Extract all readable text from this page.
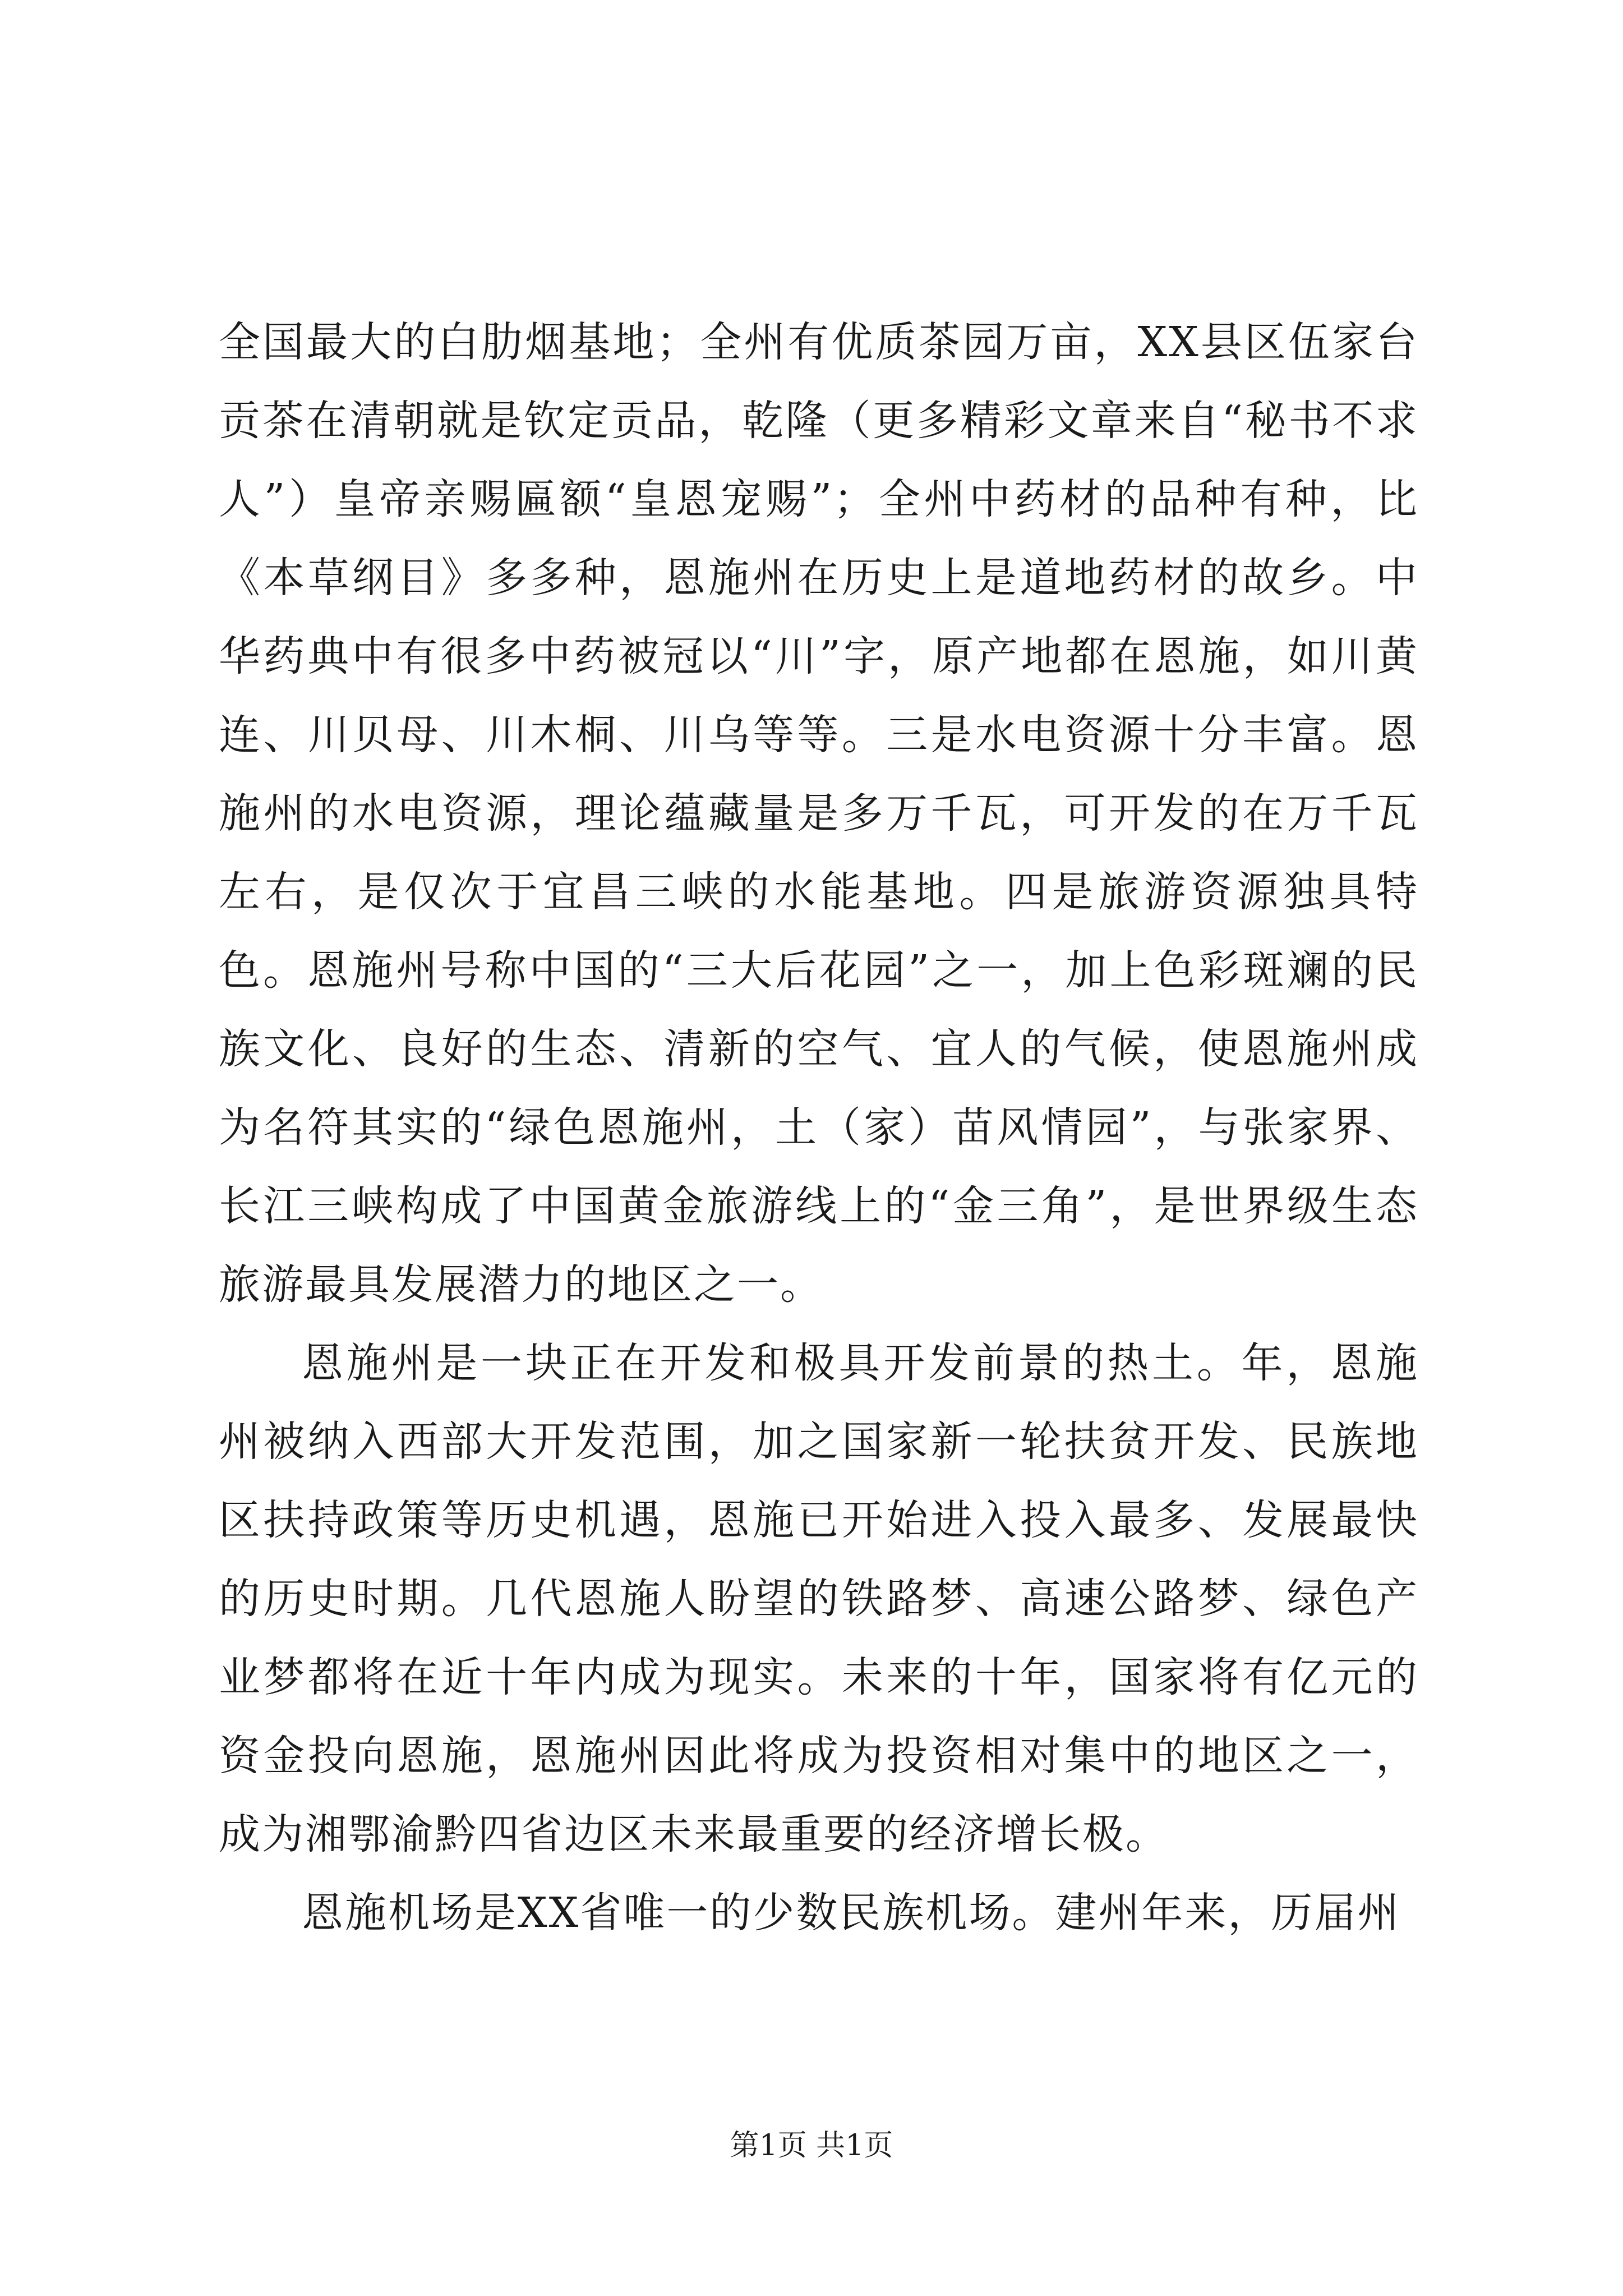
全国最大的白肋烟基地；全州有优质茶园万亩，XX县区伍家台贡茶在清朝就是钦定贡品，乾隆（更多精彩文章来自“秘书不求人”）皇帝亲赐匾额“皇恩宠赐”；全州中药材的品种有种，比《本草纲目》多多种，恩施州在历史上是道地药材的故乡。中华药典中有很多中药被冠以“川”字，原产地都在恩施，如川黄连、川贝母、川木桐、川乌等等。三是水电资源十分丰富。恩施州的水电资源，理论蕴藏量是多万千瓦，可开发的在万千瓦左右，是仅次于宜昌三峡的水能基地。四是旅游资源独具特色。恩施州号称中国的“三大后花园”之一，加上色彩斑斓的民族文化、良好的生态、清新的空气、宜人的气候，使恩施州成为名符其实的“绿色恩施州，土（家）苗风情园”，与张家界、长江三峡构成了中国黄金旅游线上的“金三角”，是世界级生态旅游最具发展潜力的地区之一。

恩施州是一块正在开发和极具开发前景的热土。年，恩施州被纳入西部大开发范围，加之国家新一轮扶贫开发、民族地区扶持政策等历史机遇，恩施已开始进入投入最多、发展最快的历史时期。几代恩施人盼望的铁路梦、高速公路梦、绿色产业梦都将在近十年内成为现实。未来的十年，国家将有亿元的资金投向恩施，恩施州因此将成为投资相对集中的地区之一，成为湘鄂渝黔四省边区未来最重要的经济增长极。

恩施机场是XX省唯一的少数民族机场。建州年来，历届州

第1页 共1页
